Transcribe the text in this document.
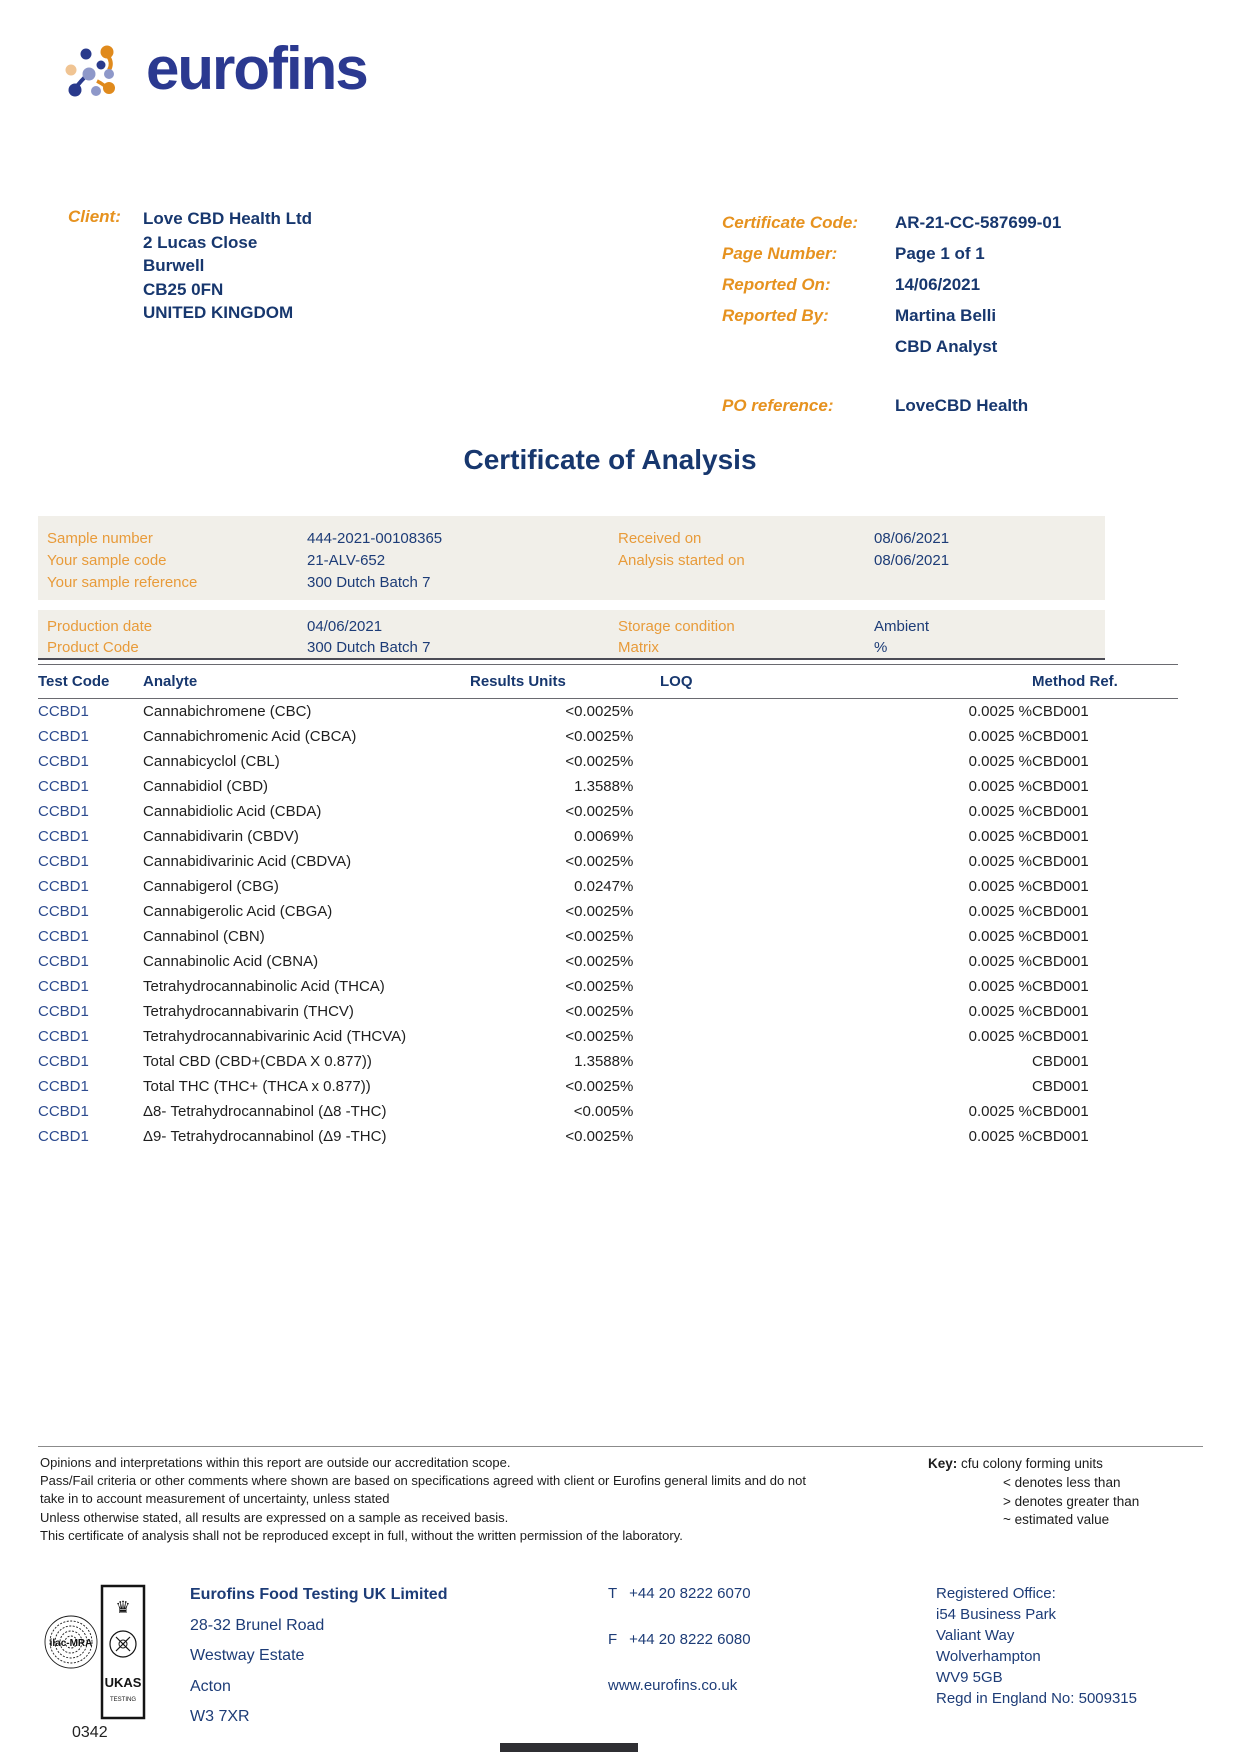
eurofins
Client: Love CBD Health Ltd
2 Lucas Close
Burwell
CB25 0FN
UNITED KINGDOM
Certificate Code: AR-21-CC-587699-01
Page Number:	Page 1 of 1
Reported On:	14/06/2021
Reported By:	Martina Belli
CBD Analyst
PO reference:	LoveCBD Health
Certificate of Analysis
Sample number	444-2021-00108365
Your sample code	21-ALV-652
Your sample reference	300 Dutch Batch 7
Received on	08/06/2021
Analysis started on	08/06/2021
Production date	04/06/2021
Product Code	300 Dutch Batch 7
Storage condition	Ambient
Matrix	%
Test Code	Analyte	Results Units		LOQ	Method Ref.
CCBD1	Cannabichromene (CBC)	<0.0025	%	0.0025 %	CBD001
CCBD1	Cannabichromenic Acid (CBCA)	<0.0025	%	0.0025 %	CBD001
CCBD1	Cannabicyclol (CBL)	<0.0025	%	0.0025 %	CBD001
CCBD1	Cannabidiol (CBD)	1.3588	%	0.0025 %	CBD001
CCBD1	Cannabidiolic Acid (CBDA)	<0.0025	%	0.0025 %	CBD001
CCBD1	Cannabidivarin (CBDV)	0.0069	%	0.0025 %	CBD001
CCBD1	Cannabidivarinic Acid (CBDVA)	<0.0025	%	0.0025 %	CBD001
CCBD1	Cannabigerol (CBG)	0.0247	%	0.0025 %	CBD001
CCBD1	Cannabigerolic Acid (CBGA)	<0.0025	%	0.0025 %	CBD001
CCBD1	Cannabinol (CBN)	<0.0025	%	0.0025 %	CBD001
CCBD1	Cannabinolic Acid (CBNA)	<0.0025	%	0.0025 %	CBD001
CCBD1	Tetrahydrocannabinolic Acid (THCA)	<0.0025	%	0.0025 %	CBD001
CCBD1	Tetrahydrocannabivarin (THCV)	<0.0025	%	0.0025 %	CBD001
CCBD1	Tetrahydrocannabivarinic Acid (THCVA)	<0.0025	%	0.0025 %	CBD001
CCBD1	Total CBD (CBD+(CBDA X 0.877))	1.3588	%		CBD001
CCBD1	Total THC (THC+ (THCA x 0.877))	<0.0025	%		CBD001
CCBD1	Δ8- Tetrahydrocannabinol (Δ8 -THC)	<0.005	%	0.0025 %	CBD001
CCBD1	Δ9- Tetrahydrocannabinol (Δ9 -THC)	<0.0025	%	0.0025 %	CBD001
Opinions and interpretations within this report are outside our accreditation scope.
Pass/Fail criteria or other comments where shown are based on specifications agreed with client or Eurofins general limits and do not
take in to account measurement of uncertainty, unless stated
Unless otherwise stated, all results are expressed on a sample as received basis.
This certificate of analysis shall not be reproduced except in full, without the written permission of the laboratory.
Key: cfu colony forming units
< denotes less than
> denotes greater than
~ estimated value
ilac-MRA
♛
UKAS
TESTING
0342
Eurofins Food Testing UK Limited
28-32 Brunel Road
Westway Estate
Acton
W3 7XR
T +44 20 8222 6070
F +44 20 8222 6080
www.eurofins.co.uk
Registered Office:
i54 Business Park
Valiant Way
Wolverhampton
WV9 5GB
Regd in England No: 5009315
